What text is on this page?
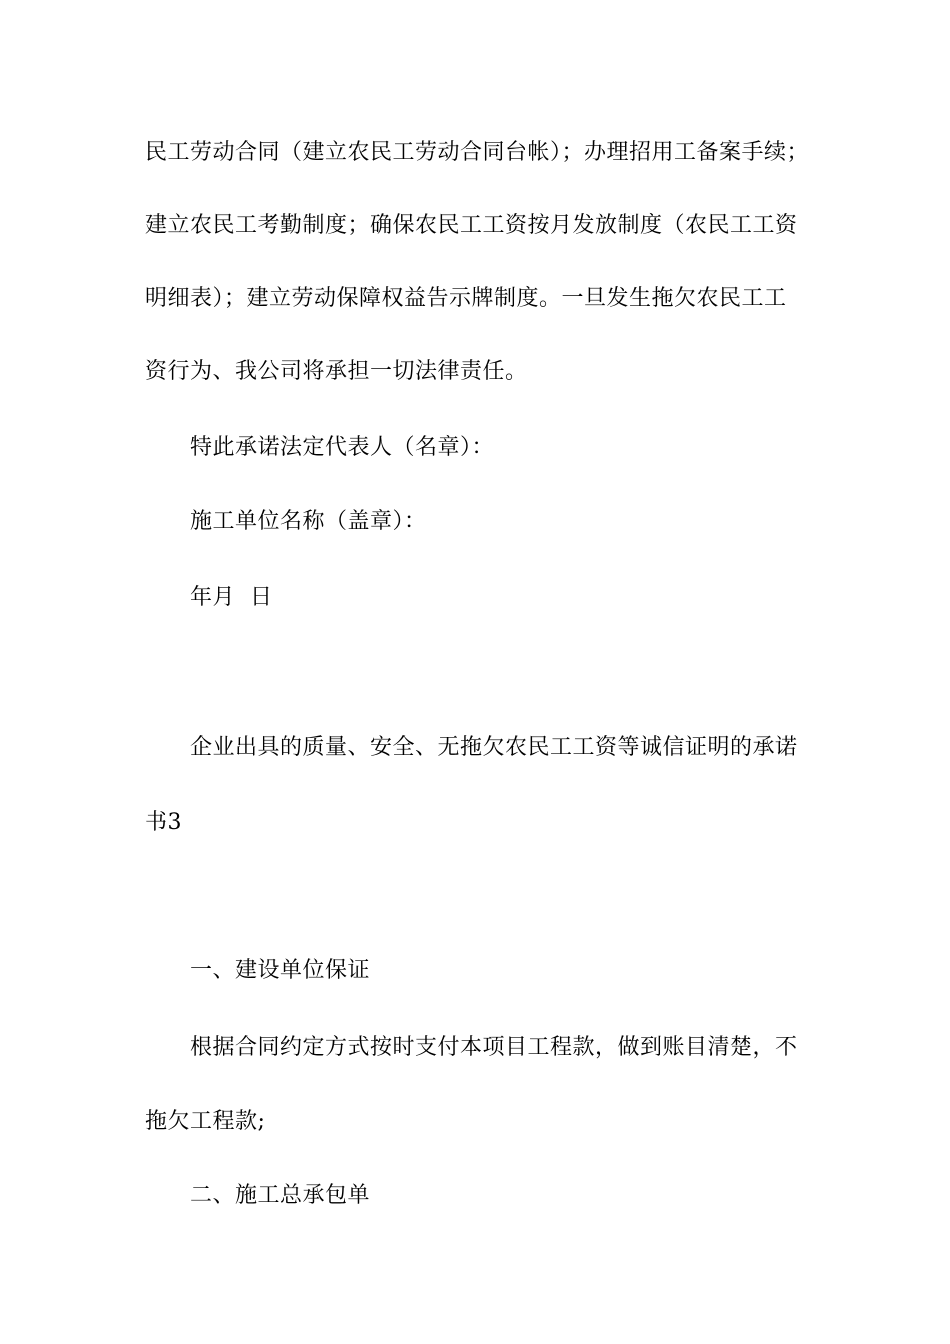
民工劳动合同（建立农民工劳动合同台帐）；办理招用工备案手续；
建立农民工考勤制度；确保农民工工资按月发放制度（农民工工资
明细表）；建立劳动保障权益告示牌制度。一旦发生拖欠农民工工
资行为、我公司将承担一切法律责任。
特此承诺法定代表人（名章）：
施工单位名称（盖章）：
年月  日
企业出具的质量、安全、无拖欠农民工工资等诚信证明的承诺
书3
一、建设单位保证
根据合同约定方式按时支付本项目工程款，做到账目清楚，不
拖欠工程款;
二、施工总承包单
